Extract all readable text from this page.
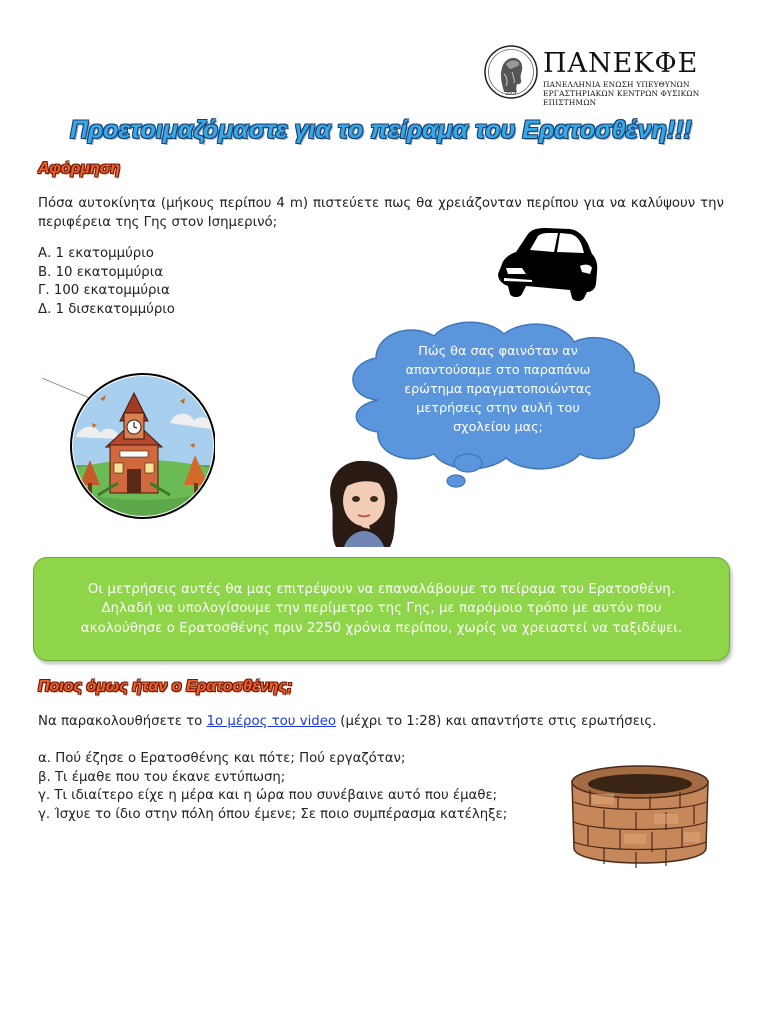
2004
ΠΑΝΕΚΦΕ
ΠΑΝΕΛΛΗΝΙΑ ΕΝΩΣΗ ΥΠΕΥΘΥΝΩΝ
ΕΡΓΑΣΤΗΡΙΑΚΩΝ ΚΕΝΤΡΩΝ ΦΥΣΙΚΩΝ ΕΠΙΣΤΗΜΩΝ
Προετοιμαζόμαστε για το πείραμα του Ερατοσθένη!!!
Αφόρμηση
Πόσα αυτοκίνητα (μήκους περίπου 4 m) πιστεύετε πως θα χρειάζονταν περίπου για να καλύψουν την περιφέρεια της Γης στον Ισημερινό;
Α. 1 εκατομμύριο
Β. 10 εκατομμύρια
Γ. 100 εκατομμύρια
Δ. 1 δισεκατομμύριο
Πώς θα σας φαινόταν αν απαντούσαμε στο παραπάνω ερώτημα πραγματοποιώντας μετρήσεις στην αυλή του σχολείου μας;
Οι μετρήσεις αυτές θα μας επιτρέψουν να επαναλάβουμε το πείραμα του Ερατοσθένη. Δηλαδή να υπολογίσουμε την περίμετρο της Γης, με παρόμοιο τρόπο με αυτόν που ακολούθησε ο Ερατοσθένης πριν 2250 χρόνια περίπου, χωρίς να χρειαστεί να ταξιδέψει.
Ποιος όμως ήταν ο Ερατοσθένης;
Να παρακολουθήσετε το 1ο μέρος του video (μέχρι το 1:28) και απαντήστε στις ερωτήσεις.
α. Πού έζησε ο Ερατοσθένης και πότε; Πού εργαζόταν;
β. Τι έμαθε που του έκανε εντύπωση;
γ. Τι ιδιαίτερο είχε η μέρα και η ώρα που συνέβαινε αυτό που έμαθε;
γ. Ίσχυε το ίδιο στην πόλη όπου έμενε; Σε ποιο συμπέρασμα κατέληξε;
